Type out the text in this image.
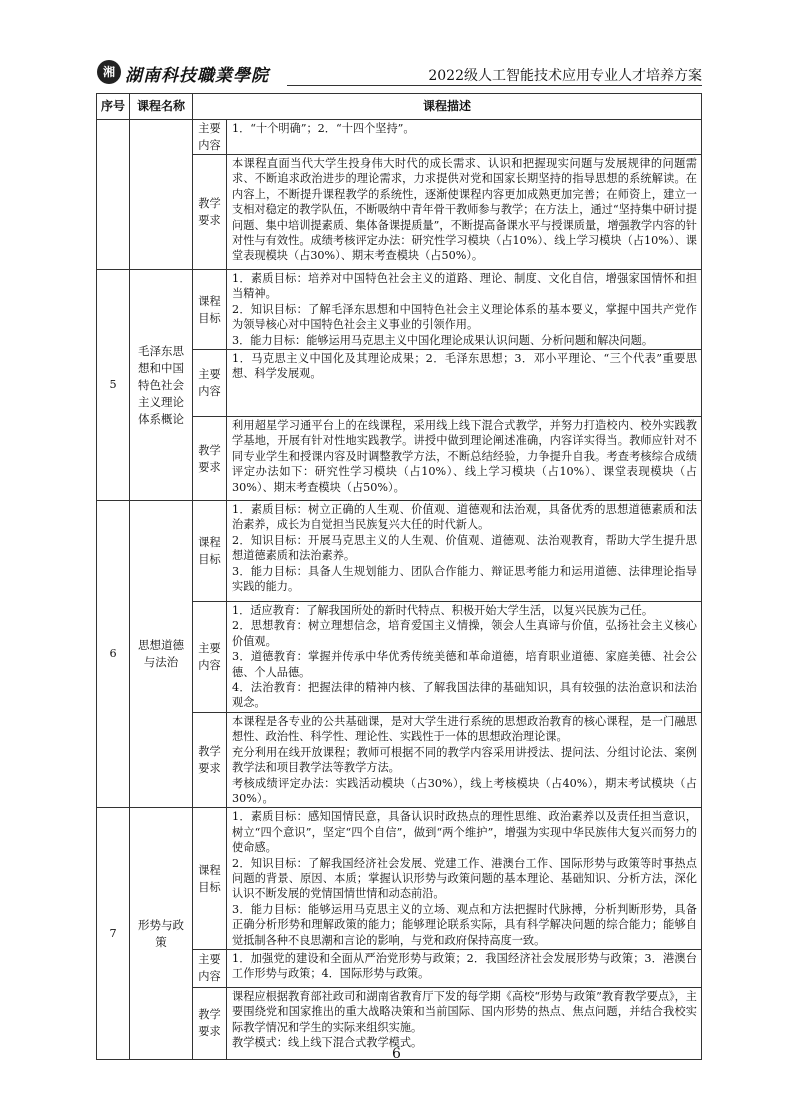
湘 湖南科技職業學院	2022级人工智能技术应用专业人才培养方案
序号	课程名称	课程描述	
		主要内容	1．“十个明确”；2．“十四个坚持”。

		教学要求	本课程直面当代大学生投身伟大时代的成长需求、认识和把握现实问题与发展规律的问题需求、不断追求政治进步的理论需求，力求提供对党和国家长期坚持的指导思想的系统解读。在内容上，不断提升课程教学的系统性，逐渐使课程内容更加成熟更加完善；在师资上，建立一支相对稳定的教学队伍，不断吸纳中青年骨干教师参与教学；在方法上，通过“坚持集中研讨提问题、集中培训提素质、集体备课提质量”，不断提高备课水平与授课质量，增强教学内容的针对性与有效性。成绩考核评定办法：研究性学习模块（占10%）、线上学习模块（占10%）、课堂表现模块（占30%）、期末考查模块（占50%）。

5	毛泽东思想和中国特色社会主义理论体系概论	课程目标	1．素质目标：培养对中国特色社会主义的道路、理论、制度、文化自信，增强家国情怀和担当精神。
2．知识目标：了解毛泽东思想和中国特色社会主义理论体系的基本要义，掌握中国共产党作为领导核心对中国特色社会主义事业的引领作用。
3．能力目标：能够运用马克思主义中国化理论成果认识问题、分析问题和解决问题。

		主要内容	1．马克思主义中国化及其理论成果；2．毛泽东思想；3．邓小平理论、“三个代表”重要思想、科学发展观。

		教学要求	利用超星学习通平台上的在线课程，采用线上线下混合式教学，并努力打造校内、校外实践教学基地，开展有针对性地实践教学。讲授中做到理论阐述准确，内容详实得当。教师应针对不同专业学生和授课内容及时调整教学方法，不断总结经验，力争提升自我。考查考核综合成绩评定办法如下：研究性学习模块（占10%）、线上学习模块（占10%）、课堂表现模块（占30%）、期末考查模块（占50%）。

6	思想道德与法治	课程目标	1．素质目标：树立正确的人生观、价值观、道德观和法治观，具备优秀的思想道德素质和法治素养，成长为自觉担当民族复兴大任的时代新人。
2．知识目标：开展马克思主义的人生观、价值观、道德观、法治观教育，帮助大学生提升思想道德素质和法治素养。
3．能力目标：具备人生规划能力、团队合作能力、辩证思考能力和运用道德、法律理论指导实践的能力。

		主要内容	1．适应教育：了解我国所处的新时代特点、积极开始大学生活，以复兴民族为己任。
2．思想教育：树立理想信念，培育爱国主义情操，领会人生真谛与价值，弘扬社会主义核心价值观。
3．道德教育：掌握并传承中华优秀传统美德和革命道德，培育职业道德、家庭美德、社会公德、个人品德。
4．法治教育：把握法律的精神内核、了解我国法律的基础知识，具有较强的法治意识和法治观念。

		教学要求	本课程是各专业的公共基础课，是对大学生进行系统的思想政治教育的核心课程，是一门融思想性、政治性、科学性、理论性、实践性于一体的思想政治理论课。
充分利用在线开放课程；教师可根据不同的教学内容采用讲授法、提问法、分组讨论法、案例教学法和项目教学法等教学方法。
考核成绩评定办法：实践活动模块（占30%），线上考核模块（占40%），期末考试模块（占30%）。

7	形势与政策	课程目标	1．素质目标：感知国情民意，具备认识时政热点的理性思维、政治素养以及责任担当意识，树立“四个意识”，坚定“四个自信”，做到“两个维护”，增强为实现中华民族伟大复兴而努力的使命感。
2．知识目标：了解我国经济社会发展、党建工作、港澳台工作、国际形势与政策等时事热点问题的背景、原因、本质；掌握认识形势与政策问题的基本理论、基础知识、分析方法，深化认识不断发展的党情国情世情和动态前沿。
3．能力目标：能够运用马克思主义的立场、观点和方法把握时代脉搏，分析判断形势，具备正确分析形势和理解政策的能力；能够理论联系实际，具有科学解决问题的综合能力；能够自觉抵制各种不良思潮和言论的影响，与党和政府保持高度一致。

		主要内容	1．加强党的建设和全面从严治党形势与政策；2．我国经济社会发展形势与政策；3．港澳台工作形势与政策；4．国际形势与政策。

		教学要求	课程应根据教育部社政司和湖南省教育厅下发的每学期《高校“形势与政策”教育教学要点》，主要围绕党和国家推出的重大战略决策和当前国际、国内形势的热点、焦点问题，并结合我校实际教学情况和学生的实际来组织实施。
教学模式：线上线下混合式教学模式。
6
